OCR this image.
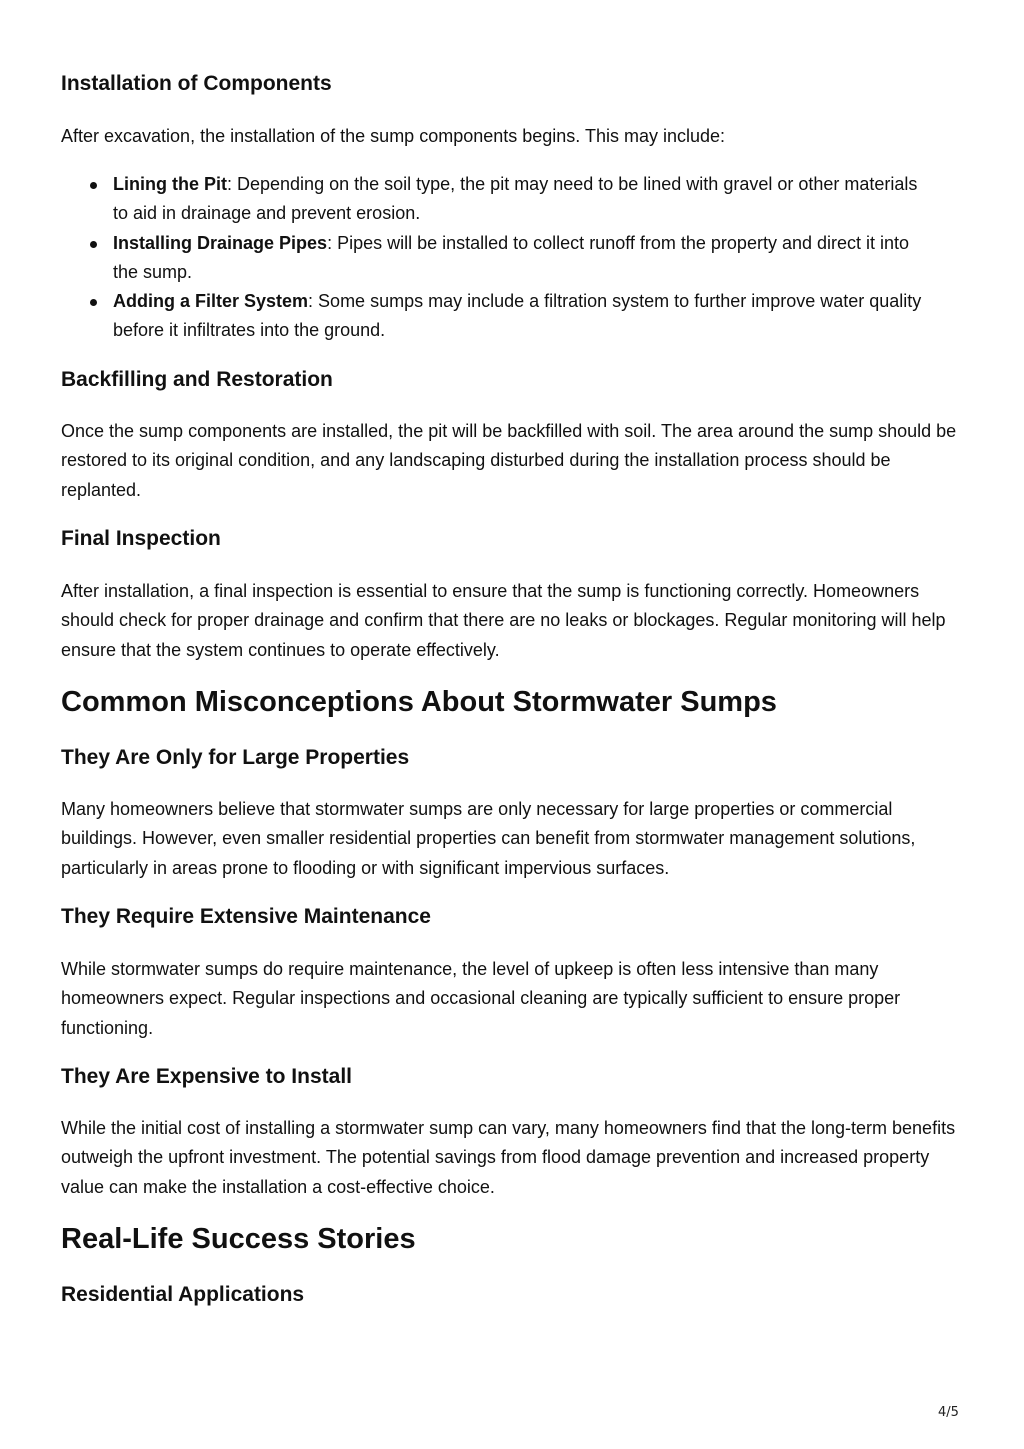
Installation of Components

After excavation, the installation of the sump components begins. This may include:

Lining the Pit: Depending on the soil type, the pit may need to be lined with gravel or other materials to aid in drainage and prevent erosion.
Installing Drainage Pipes: Pipes will be installed to collect runoff from the property and direct it into the sump.
Adding a Filter System: Some sumps may include a filtration system to further improve water quality before it infiltrates into the ground.
Backfilling and Restoration

Once the sump components are installed, the pit will be backfilled with soil. The area around the sump should be restored to its original condition, and any landscaping disturbed during the installation process should be replanted.

Final Inspection

After installation, a final inspection is essential to ensure that the sump is functioning correctly. Homeowners should check for proper drainage and confirm that there are no leaks or blockages. Regular monitoring will help ensure that the system continues to operate effectively.

Common Misconceptions About Stormwater Sumps
They Are Only for Large Properties

Many homeowners believe that stormwater sumps are only necessary for large properties or commercial buildings. However, even smaller residential properties can benefit from stormwater management solutions, particularly in areas prone to flooding or with significant impervious surfaces.

They Require Extensive Maintenance

While stormwater sumps do require maintenance, the level of upkeep is often less intensive than many homeowners expect. Regular inspections and occasional cleaning are typically sufficient to ensure proper functioning.

They Are Expensive to Install

While the initial cost of installing a stormwater sump can vary, many homeowners find that the long-term benefits outweigh the upfront investment. The potential savings from flood damage prevention and increased property value can make the installation a cost-effective choice.

Real-Life Success Stories
Residential Applications
4/5
